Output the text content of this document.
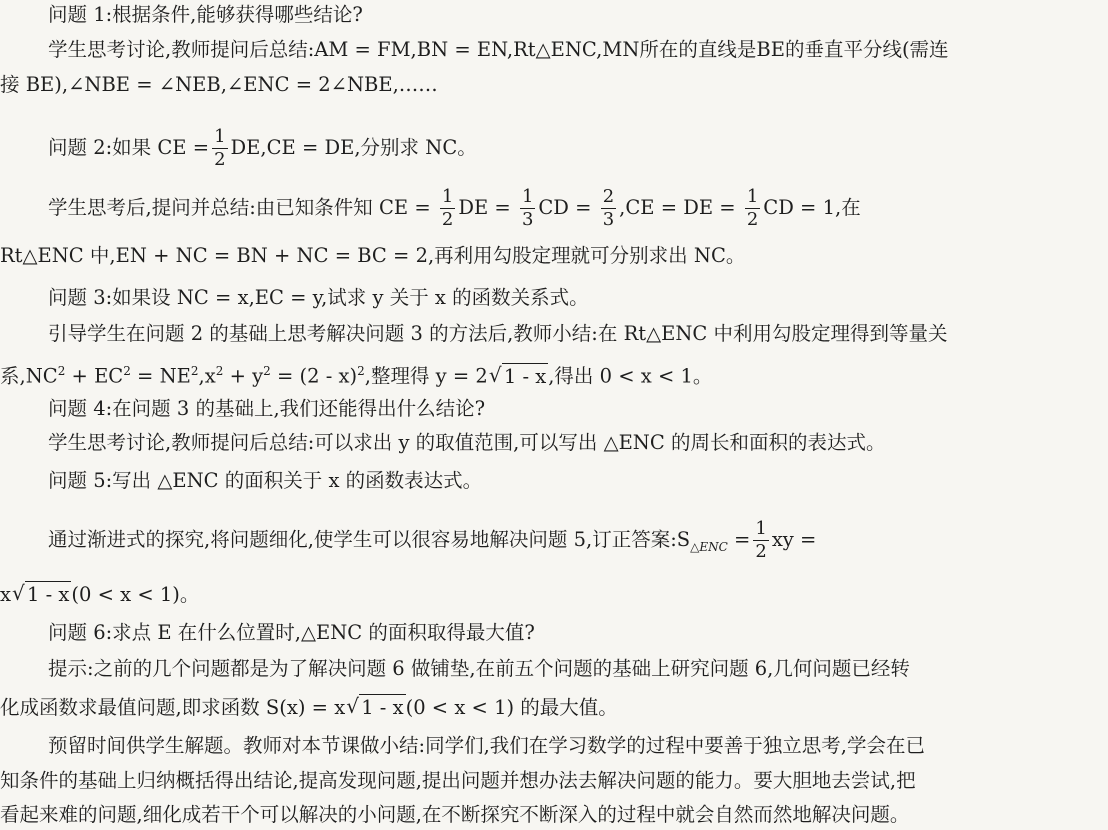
问题 1:根据条件,能够获得哪些结论?
学生思考讨论,教师提问后总结:AM = FM,BN = EN,Rt△ENC,MN所在的直线是BE的垂直平分线(需连
接 BE),∠NBE = ∠NEB,∠ENC = 2∠NBE,……
问题 2:如果 CE = $\frac{1}{2} DE,CE$ = DE,分别求 NC。
学生思考后,提问并总结:由已知条件知 CE = $\frac{1}{2}$ DE = $\frac{1}{3}$ CD = $\frac{2}{3} ,CE$ = DE = $\frac{1}{2}$ CD = 1,在
Rt△ENC 中,EN + NC = BN + NC = BC = 2,再利用勾股定理就可分别求出 NC。
问题 3:如果设 NC = x,EC = y,试求 y 关于 x 的函数关系式。
引导学生在问题 2 的基础上思考解决问题 3 的方法后,教师小结:在 Rt△ENC 中利用勾股定理得到等量关
系$,NC^2 + EC^2 = NE^2,x^2 + y^2 = (2 - x)^2$,整理得 y = 2 √ 1 - x ,得出 0 < x < 1。
问题 4:在问题 3 的基础上,我们还能得出什么结论?
学生思考讨论,教师提问后总结:可以求出 y 的取值范围,可以写出 △ENC 的周长和面积的表达式。
问题 5:写出 △ENC 的面积关于 x 的函数表达式。
通过渐进式的探究,将问题细化,使学生可以很容易地解决问题 5,订正答案$:S_{\triangle ENC} = \frac{1}{2}$ xy =
x √ 1 - x (0 < x < 1)。
问题 6:求点 E 在什么位置时,△ENC 的面积取得最大值?
提示:之前的几个问题都是为了解决问题 6 做铺垫,在前五个问题的基础上研究问题 6,几何问题已经转
化成函数求最值问题,即求函数 S(x) = x √ 1 - x (0 < x < 1) 的最大值。
预留时间供学生解题。教师对本节课做小结:同学们,我们在学习数学的过程中要善于独立思考,学会在已
知条件的基础上归纳概括得出结论,提高发现问题,提出问题并想办法去解决问题的能力。要大胆地去尝试,把
看起来难的问题,细化成若干个可以解决的小问题,在不断探究不断深入的过程中就会自然而然地解决问题。
